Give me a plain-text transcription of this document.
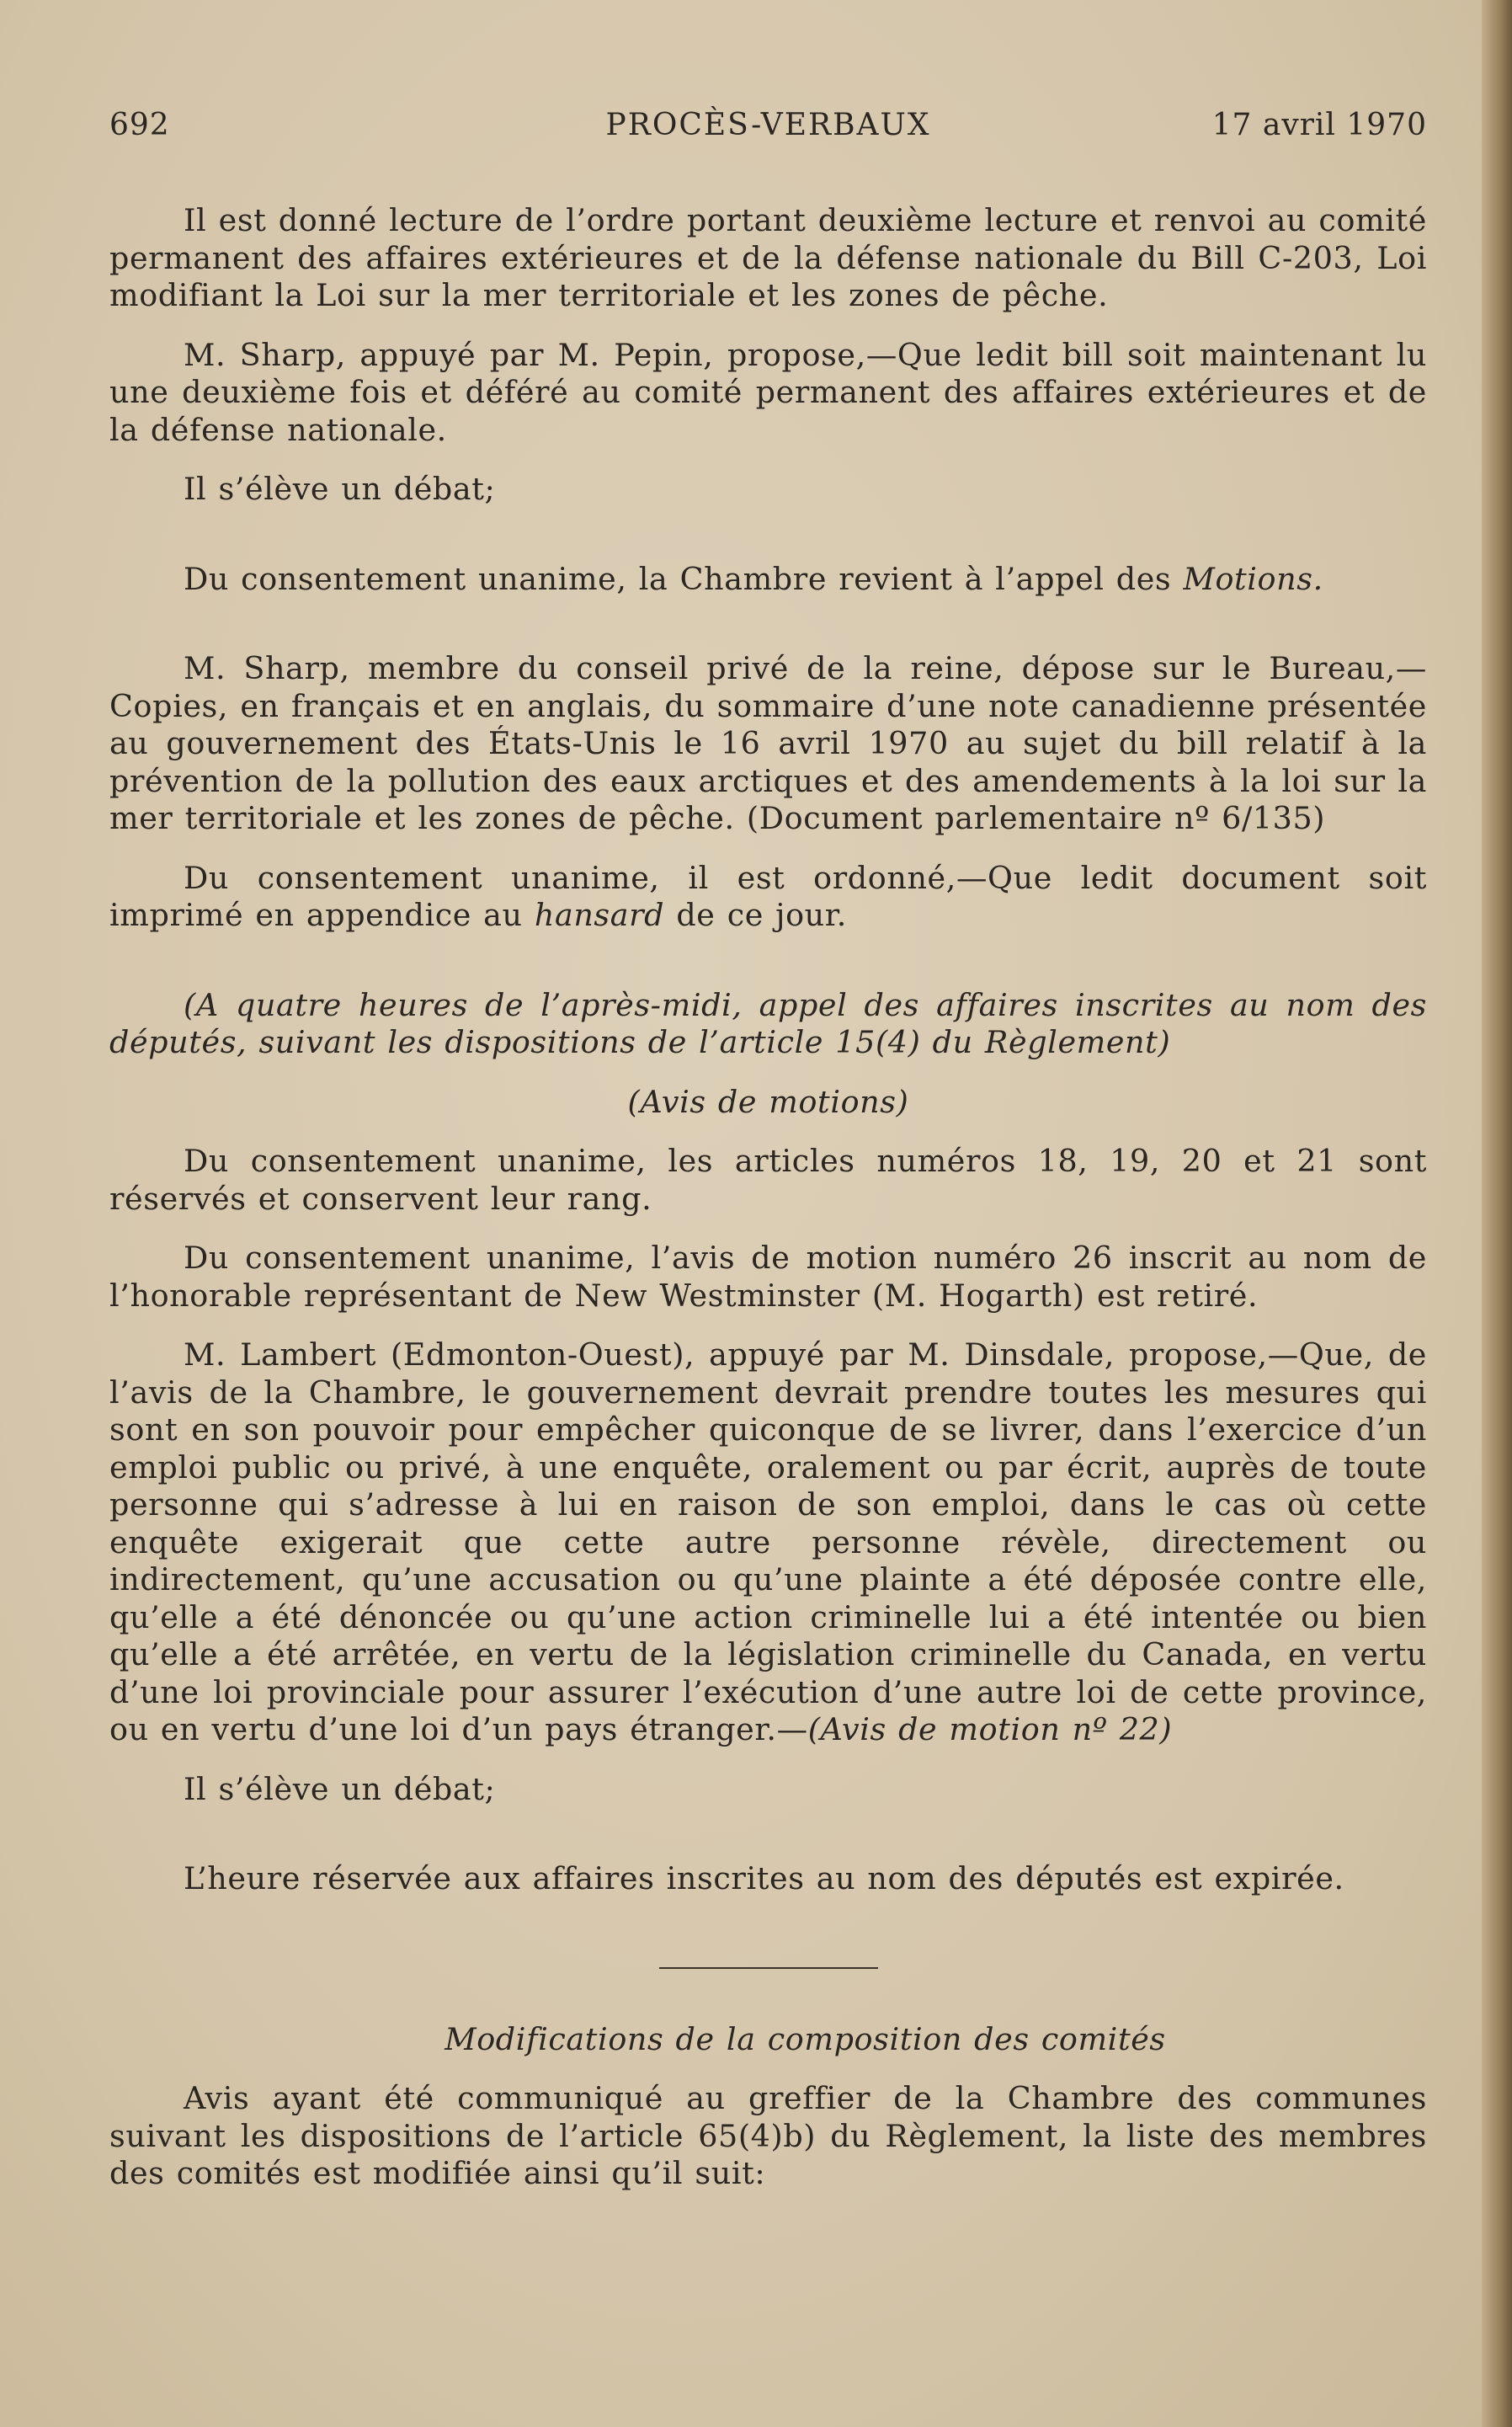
692	PROCÈS-VERBAUX	17 avril 1970

Il est donné lecture de l’ordre portant deuxième lecture et renvoi au comité permanent des affaires extérieures et de la défense nationale du Bill C-203, Loi modifiant la Loi sur la mer territoriale et les zones de pêche.

M. Sharp, appuyé par M. Pepin, propose,—Que ledit bill soit maintenant lu une deuxième fois et déféré au comité permanent des affaires extérieures et de la défense nationale.

Il s’élève un débat;

Du consentement unanime, la Chambre revient à l’appel des Motions.

M. Sharp, membre du conseil privé de la reine, dépose sur le Bureau,—Copies, en français et en anglais, du sommaire d’une note canadienne présentée au gouvernement des États-Unis le 16 avril 1970 au sujet du bill relatif à la prévention de la pollution des eaux arctiques et des amendements à la loi sur la mer territoriale et les zones de pêche. (Document parlementaire nº 6/135)

Du consentement unanime, il est ordonné,—Que ledit document soit imprimé en appendice au hansard de ce jour.

(A quatre heures de l’après-midi, appel des affaires inscrites au nom des députés, suivant les dispositions de l’article 15(4) du Règlement)

(Avis de motions)

Du consentement unanime, les articles numéros 18, 19, 20 et 21 sont réservés et conservent leur rang.

Du consentement unanime, l’avis de motion numéro 26 inscrit au nom de l’honorable représentant de New Westminster (M. Hogarth) est retiré.

M. Lambert (Edmonton-Ouest), appuyé par M. Dinsdale, propose,—Que, de l’avis de la Chambre, le gouvernement devrait prendre toutes les mesures qui sont en son pouvoir pour empêcher quiconque de se livrer, dans l’exercice d’un emploi public ou privé, à une enquête, oralement ou par écrit, auprès de toute personne qui s’adresse à lui en raison de son emploi, dans le cas où cette enquête exigerait que cette autre personne révèle, directement ou indirectement, qu’une accusation ou qu’une plainte a été déposée contre elle, qu’elle a été dénoncée ou qu’une action criminelle lui a été intentée ou bien qu’elle a été arrêtée, en vertu de la législation criminelle du Canada, en vertu d’une loi provinciale pour assurer l’exécution d’une autre loi de cette province, ou en vertu d’une loi d’un pays étranger.—(Avis de motion nº 22)

Il s’élève un débat;

L’heure réservée aux affaires inscrites au nom des députés est expirée.

Modifications de la composition des comités

Avis ayant été communiqué au greffier de la Chambre des communes suivant les dispositions de l’article 65(4)b) du Règlement, la liste des membres des comités est modifiée ainsi qu’il suit:
